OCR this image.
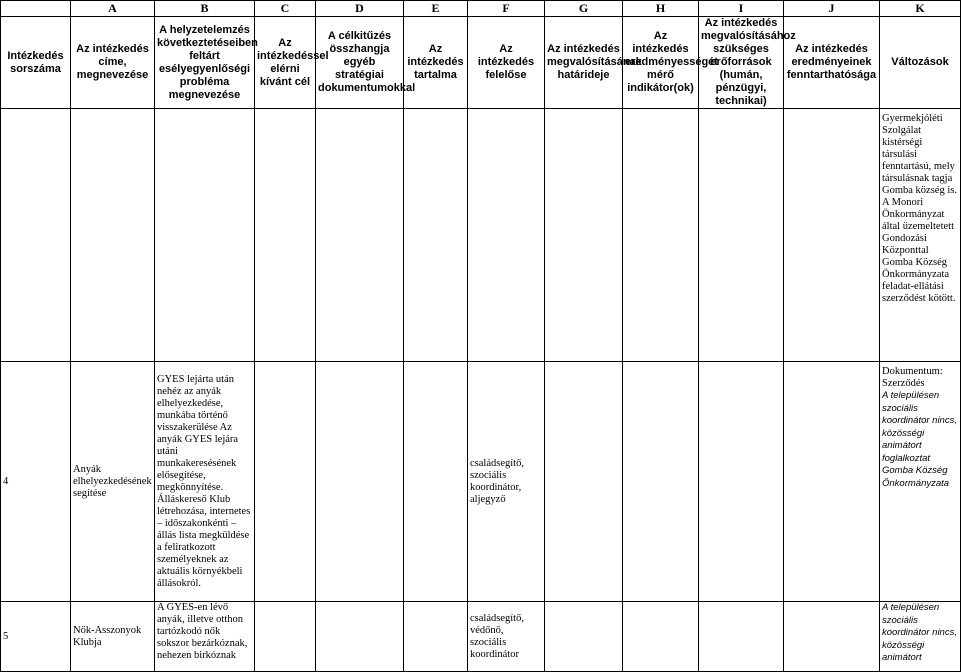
	A	B	C	D	E	F	G	H	I	J	K
Intézkedés sorszáma	Az intézkedés címe, megnevezése	A helyzetelemzés következtetéseiben feltárt esélyegyenlőségi probléma megnevezése	Az intézkedéssel elérni kívánt cél	A célkitűzés összhangja egyéb stratégiai dokumentumokkal	Az intézkedés tartalma	Az intézkedés felelőse	Az intézkedés megvalósításának határideje	Az intézkedés eredményességét mérő indikátor(ok)	Az intézkedés megvalósításához szükséges erőforrások (humán, pénzügyi, technikai)	Az intézkedés eredményeinek fenntarthatósága	Változások
											Gyermekjóléti Szolgálat kistérségi társulási fenntartású, mely társulásnak tagja Gomba község is. A Monori Önkormányzat által üzemeltetett Gondozási Központtal Gomba Község Önkormányzata feladat-ellátási szerződést kötött.
4	Anyák elhelyezkedésének segítése	GYES lejárta után nehéz az anyák elhelyezkedése, munkába történő visszakerülése Az anyák GYES lejára utáni munkakeresésének elősegítése, megkönnyítése. Álláskereső Klub létrehozása, internetes – időszakonkénti – állás lista megküldése a feliratkozott személyeknek az aktuális környékbeli állásokról.				családsegítő, szociális koordinátor, aljegyző					Dokumentum: Szerződés
A településen szociális koordinátor nincs, közösségi animátort foglalkoztat Gomba Község Önkormányzata

5	Nők-Asszonyok Klubja	A GYES-en lévő anyák, illetve otthon tartózkodó nők sokszor bezárkóznak, nehezen birkóznak				családsegítő, védőnő, szociális koordinátor					A településen szociális koordinátor nincs, közösségi animátort
